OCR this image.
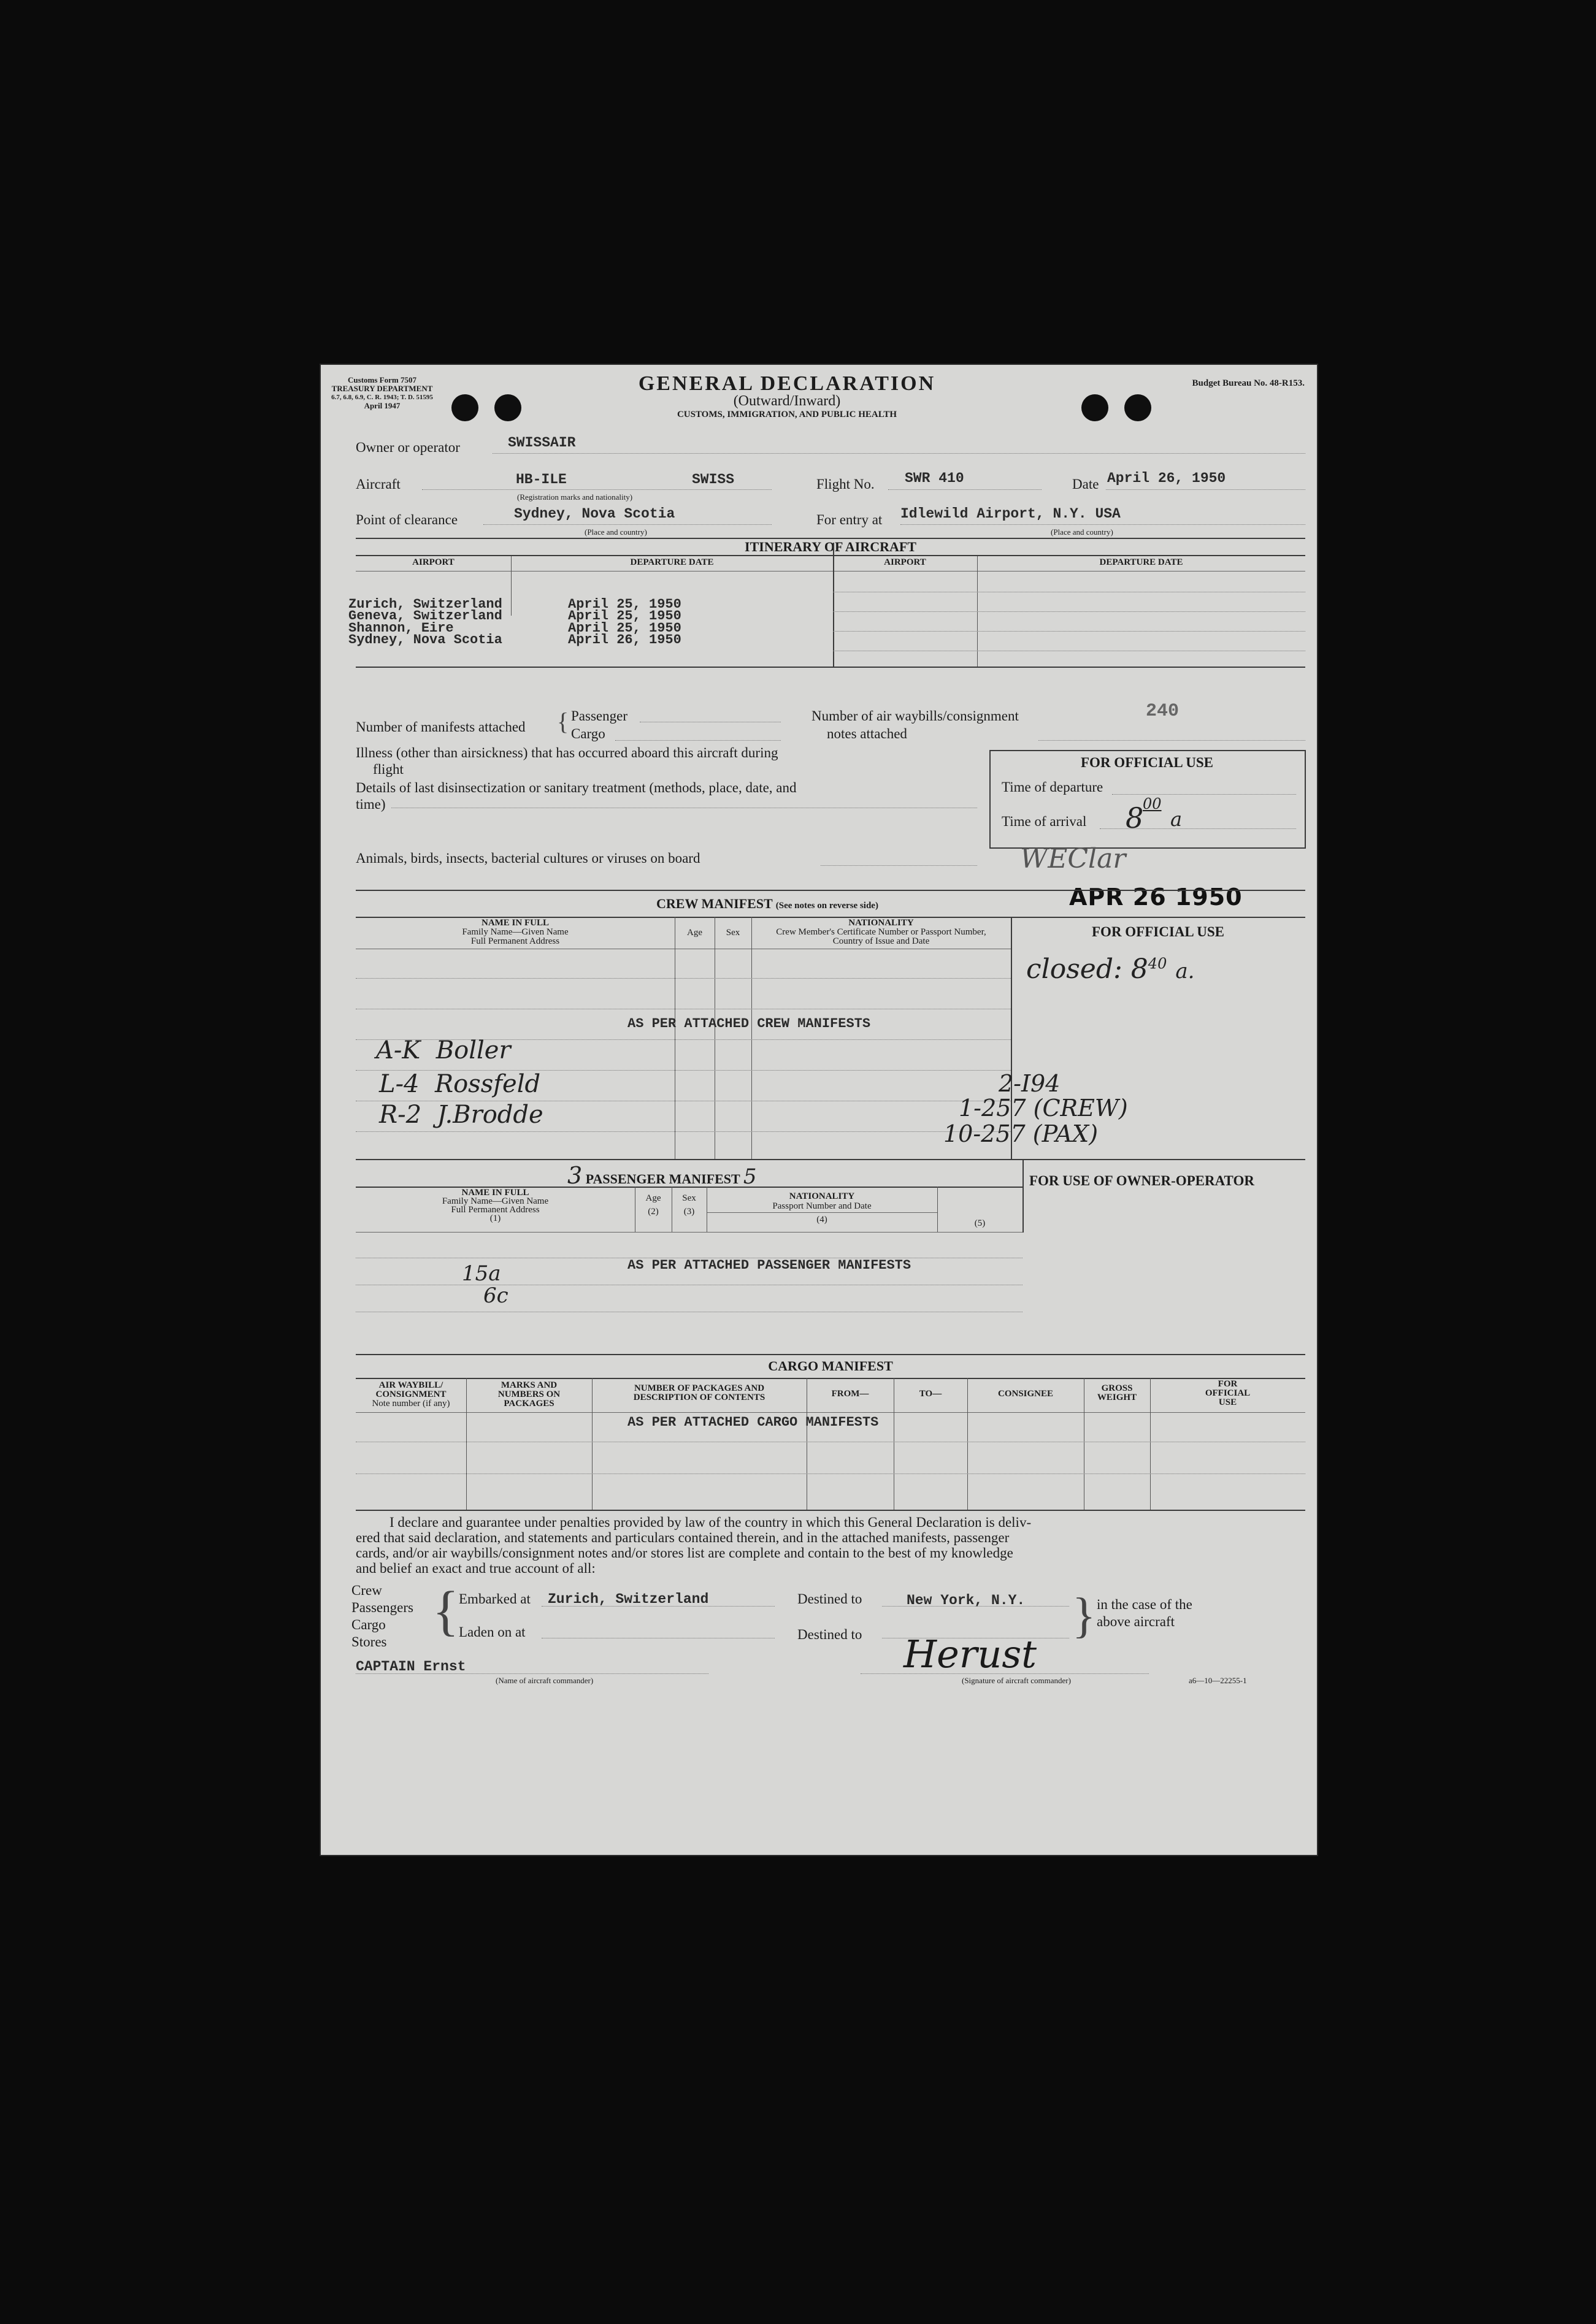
Customs Form 7507
TREASURY DEPARTMENT
6.7, 6.8, 6.9, C. R. 1943; T. D. 51595
April 1947
GENERAL DECLARATION
(Outward/Inward)
CUSTOMS, IMMIGRATION, AND PUBLIC HEALTH
Budget Bureau No. 48-R153.
Owner or operator	SWISSAIR
Aircraft	HB-ILE	SWISS
(Registration marks and nationality)
Flight No. SWR 410	Date April 26, 1950
Point of clearance	Sydney, Nova Scotia
(Place and country)
For entry at Idlewild Airport, N.Y. USA
(Place and country)
ITINERARY OF AIRCRAFT
AIRPORT	DEPARTURE DATE	AIRPORT	DEPARTURE DATE
Zurich, Switzerland	April 25, 1950
Geneva, Switzerland	April 25, 1950
Shannon, Eire	April 25, 1950
Sydney, Nova Scotia	April 26, 1950
Number of manifests attached { Passenger
Cargo
Number of air waybills/consignment
notes attached
240
Illness (other than airsickness) that has occurred aboard this aircraft during
flight
Details of last disinsectization or sanitary treatment (methods, place, date, and
time)
Animals, birds, insects, bacterial cultures or viruses on board
FOR OFFICIAL USE
Time of departure
Time of arrival 8
00
a
WEClar
APR 26 1950
CREW MANIFEST (See notes on reverse side)
NAME IN FULL
Family Name—Given Name
Full Permanent Address
Age	Sex
NATIONALITY
Crew Member's Certificate Number or Passport Number,
Country of Issue and Date
FOR OFFICIAL USE
closed: $8^{40}$ a.
AS PER ATTACHED CREW MANIFESTS
A-K Boller
L-4 Rossfeld
R-2 J.Brodde
2-I94
1-257 (CREW)
10-257 (PAX)
3 PASSENGER MANIFEST 5
NAME IN FULL
Family Name—Given Name
Full Permanent Address
(1)
Age
(2)
Sex
(3)
NATIONALITY
Passport Number and Date
(4)	(5)
FOR USE OF OWNER-OPERATOR
AS PER ATTACHED PASSENGER MANIFESTS
15a
6c
CARGO MANIFEST
AIR WAYBILL/
CONSIGNMENT
Note number (if any)
MARKS AND
NUMBERS ON
PACKAGES
NUMBER OF PACKAGES AND
DESCRIPTION OF CONTENTS	FROM—	TO—	CONSIGNEE
GROSS
WEIGHT
FOR
OFFICIAL
USE
AS PER ATTACHED CARGO MANIFESTS
I declare and guarantee under penalties provided by law of the country in which this General Declaration is deliv-
ered that said declaration, and statements and particulars contained therein, and in the attached manifests, passenger
cards, and/or air waybills/consignment notes and/or stores list are complete and contain to the best of my knowledge
and belief an exact and true account of all:
Crew
Passengers
Cargo
Stores
{ Embarked at Zurich, Switzerland	Destined to	New York, N.Y.
Laden on at	Destined to	} in the case of the
above aircraft
CAPTAIN Ernst
(Name of aircraft commander)
Herust
(Signature of aircraft commander)	a6—10—22255-1
